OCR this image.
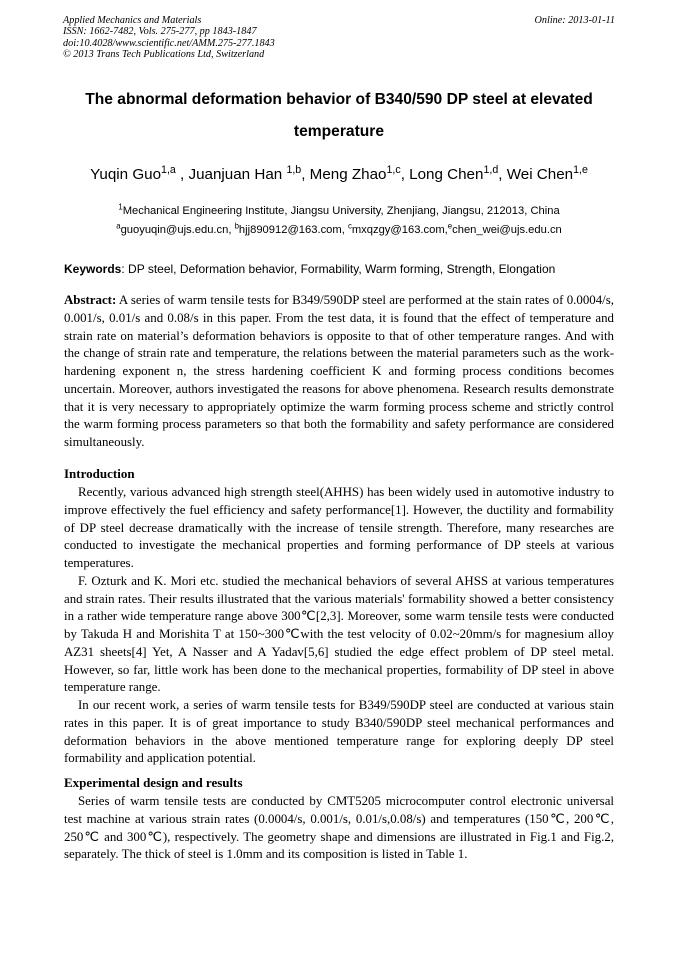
Applied Mechanics and Materials
ISSN: 1662-7482, Vols. 275-277, pp 1843-1847
doi:10.4028/www.scientific.net/AMM.275-277.1843
© 2013 Trans Tech Publications Ltd, Switzerland
Online: 2013-01-11
The abnormal deformation behavior of B340/590 DP steel at elevated
temperature
Yuqin Guo$^{1,a}$ , Juanjuan Han $^{1,b}$, Meng Zhao$^{1,c}$, Long Chen$^{1,d}$, Wei Chen$^{1,e}$
$^1$Mechanical Engineering Institute, Jiangsu University, Zhenjiang, Jiangsu, 212013, China
$^a$guoyuqin@ujs.edu.cn, $^b$hjj890912@163.com, $^c$mxqzgy@163.com,$^e$chen_wei@ujs.edu.cn
Keywords: DP steel, Deformation behavior, Formability, Warm forming, Strength, Elongation

Abstract: A series of warm tensile tests for B349/590DP steel are performed at the stain rates of 0.0004/s, 0.001/s, 0.01/s and 0.08/s in this paper. From the test data, it is found that the effect of temperature and strain rate on material’s deformation behaviors is opposite to that of other temperature ranges. And with the change of strain rate and temperature, the relations between the material parameters such as the work-hardening exponent n, the stress hardening coefficient K and forming process conditions becomes uncertain. Moreover, authors investigated the reasons for above phenomena. Research results demonstrate that it is very necessary to appropriately optimize the warm forming process scheme and strictly control the warm forming process parameters so that both the formability and safety performance are considered simultaneously.

Introduction

Recently, various advanced high strength steel(AHHS) has been widely used in automotive industry to improve effectively the fuel efficiency and safety performance[1]. However, the ductility and formability of DP steel decrease dramatically with the increase of tensile strength. Therefore, many researches are conducted to investigate the mechanical properties and forming performance of DP steels at various temperatures.

F. Ozturk and K. Mori etc. studied the mechanical behaviors of several AHSS at various temperatures and strain rates. Their results illustrated that the various materials' formability showed a better consistency in a rather wide temperature range above 300℃[2,3]. Moreover, some warm tensile tests were conducted by Takuda H and Morishita T at 150~300℃with the test velocity of 0.02~20mm/s for magnesium alloy AZ31 sheets[4] Yet, A Nasser and A Yadav[5,6] studied the edge effect problem of DP steel metal. However, so far, little work has been done to the mechanical properties, formability of DP steel in above temperature range.

In our recent work, a series of warm tensile tests for B349/590DP steel are conducted at various stain rates in this paper. It is of great importance to study B340/590DP steel mechanical performances and deformation behaviors in the above mentioned temperature range for exploring deeply DP steel formability and application potential.

Experimental design and results

Series of warm tensile tests are conducted by CMT5205 microcomputer control electronic universal test machine at various strain rates (0.0004/s, 0.001/s, 0.01/s,0.08/s) and temperatures (150℃, 200℃, 250℃ and 300℃), respectively. The geometry shape and dimensions are illustrated in Fig.1 and Fig.2, separately. The thick of steel is 1.0mm and its composition is listed in Table 1.
